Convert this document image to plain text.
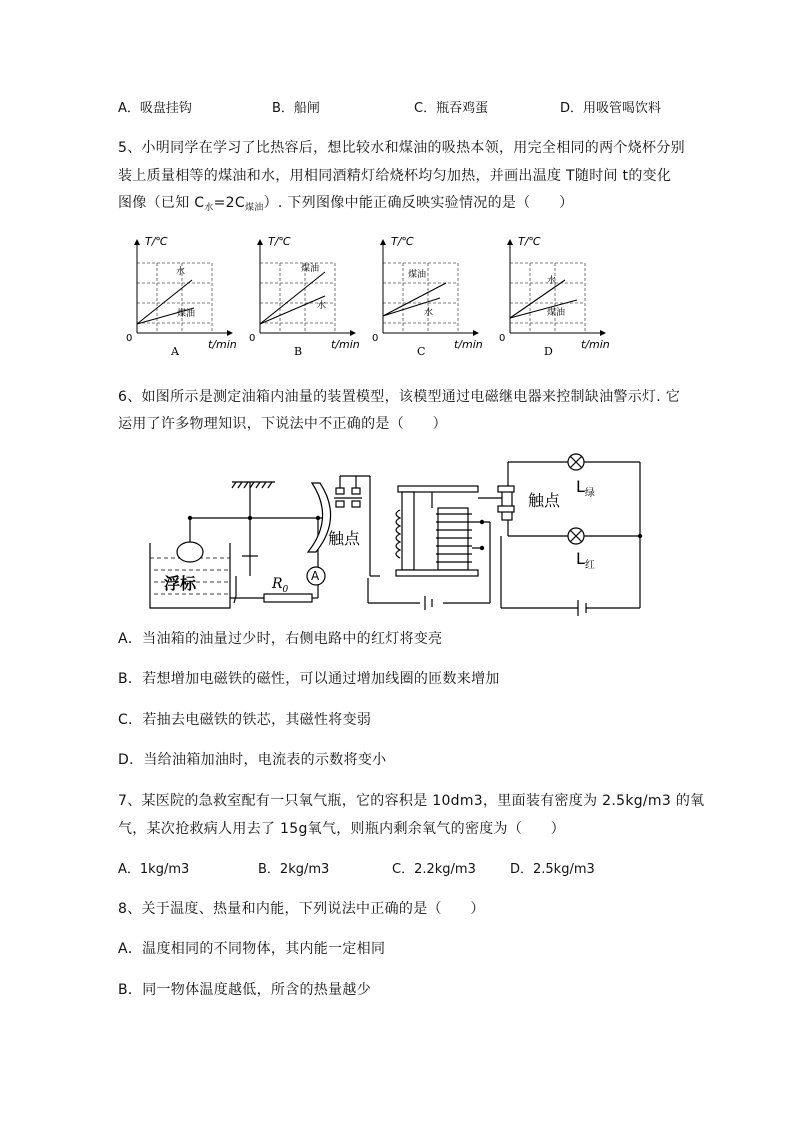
A．吸盘挂钩	B．船闸	C．瓶吞鸡蛋	D．用吸管喝饮料
5、小明同学在学习了比热容后，想比较水和煤油的吸热本领，用完全相同的两个烧杯分别
装上质量相等的煤油和水，用相同酒精灯给烧杯均匀加热，并画出温度 T随时间 t的变化
图像（已知 $C_水=2C_{煤油}$）. 下列图像中能正确反映实验情况的是（　　）
T/℃
t/min
0
水
煤油
A
T/℃
t/min
0
煤油
水
B
T/℃
t/min
0
煤油
水
C
T/℃
t/min
0
水
煤油
D
6、如图所示是测定油箱内油量的装置模型，该模型通过电磁继电器来控制缺油警示灯. 它
运用了许多物理知识，下说法中不正确的是（　　）
浮标	$R_0$
A
触点
触点
$L_绿$
$L_红$
A．当油箱的油量过少时，右侧电路中的红灯将变亮
B．若想增加电磁铁的磁性，可以通过增加线圈的匝数来增加
C．若抽去电磁铁的铁芯，其磁性将变弱
D．当给油箱加油时，电流表的示数将变小
7、某医院的急救室配有一只氧气瓶，它的容积是 10dm3，里面装有密度为 2.5kg/m3 的氧
气，某次抢救病人用去了 15g氧气，则瓶内剩余氧气的密度为（　　）
A．1kg/m3	B．2kg/m3	C．2.2kg/m3	D．2.5kg/m3
8、关于温度、热量和内能，下列说法中正确的是（　　）
A．温度相同的不同物体，其内能一定相同
B．同一物体温度越低，所含的热量越少
